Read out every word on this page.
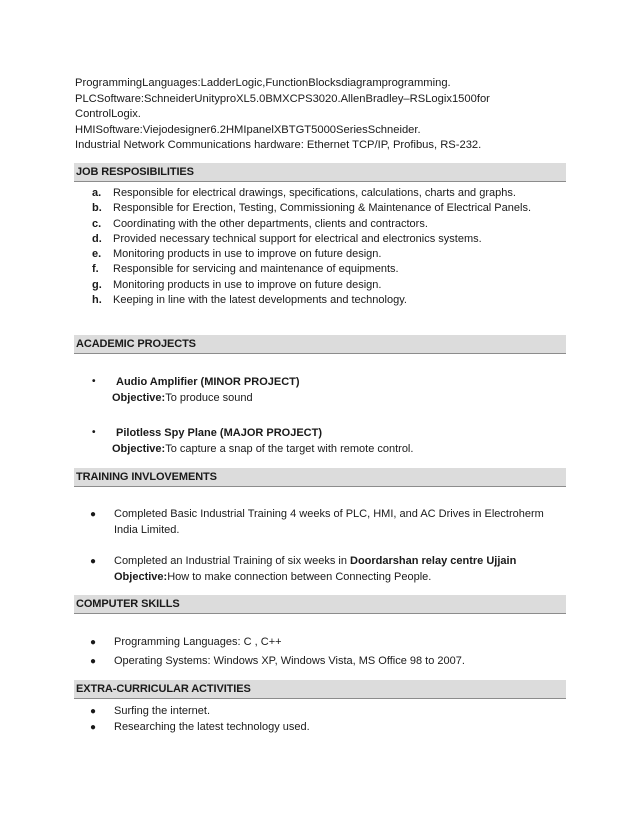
ProgrammingLanguages:LadderLogic,FunctionBlocksdiagramprogramming.
PLCSoftware:SchneiderUnityproXL5.0BMXCPS3020.AllenBradley–RSLogix1500for
ControlLogix.
HMISoftware:Viejodesigner6.2HMIpanelXBTGT5000SeriesSchneider.
Industrial Network Communications hardware: Ethernet TCP/IP, Profibus, RS-232.
JOB RESPOSIBILITIES
a.	Responsible for electrical drawings, specifications, calculations, charts and graphs.
b.	Responsible for Erection, Testing, Commissioning & Maintenance of Electrical Panels.
c.	Coordinating with the other departments, clients and contractors.
d.	Provided necessary technical support for electrical and electronics systems.
e.	Monitoring products in use to improve on future design.
f.	Responsible for servicing and maintenance of equipments.
g.	Monitoring products in use to improve on future design.
h.	Keeping in line with the latest developments and technology.
ACADEMIC PROJECTS
•	Audio Amplifier (MINOR PROJECT)
Objective:To produce sound
•	Pilotless Spy Plane (MAJOR PROJECT)
Objective:To capture a snap of the target with remote control.
TRAINING INVLOVEMENTS
●	Completed Basic Industrial Training 4 weeks of PLC, HMI, and AC Drives in Electroherm
India Limited.
●	Completed an Industrial Training of six weeks in Doordarshan relay centre Ujjain
Objective:How to make connection between Connecting People.
COMPUTER SKILLS
●	Programming Languages: C , C++
●	Operating Systems: Windows XP, Windows Vista, MS Office 98 to 2007.
EXTRA-CURRICULAR ACTIVITIES
●	Surfing the internet.
●	Researching the latest technology used.
